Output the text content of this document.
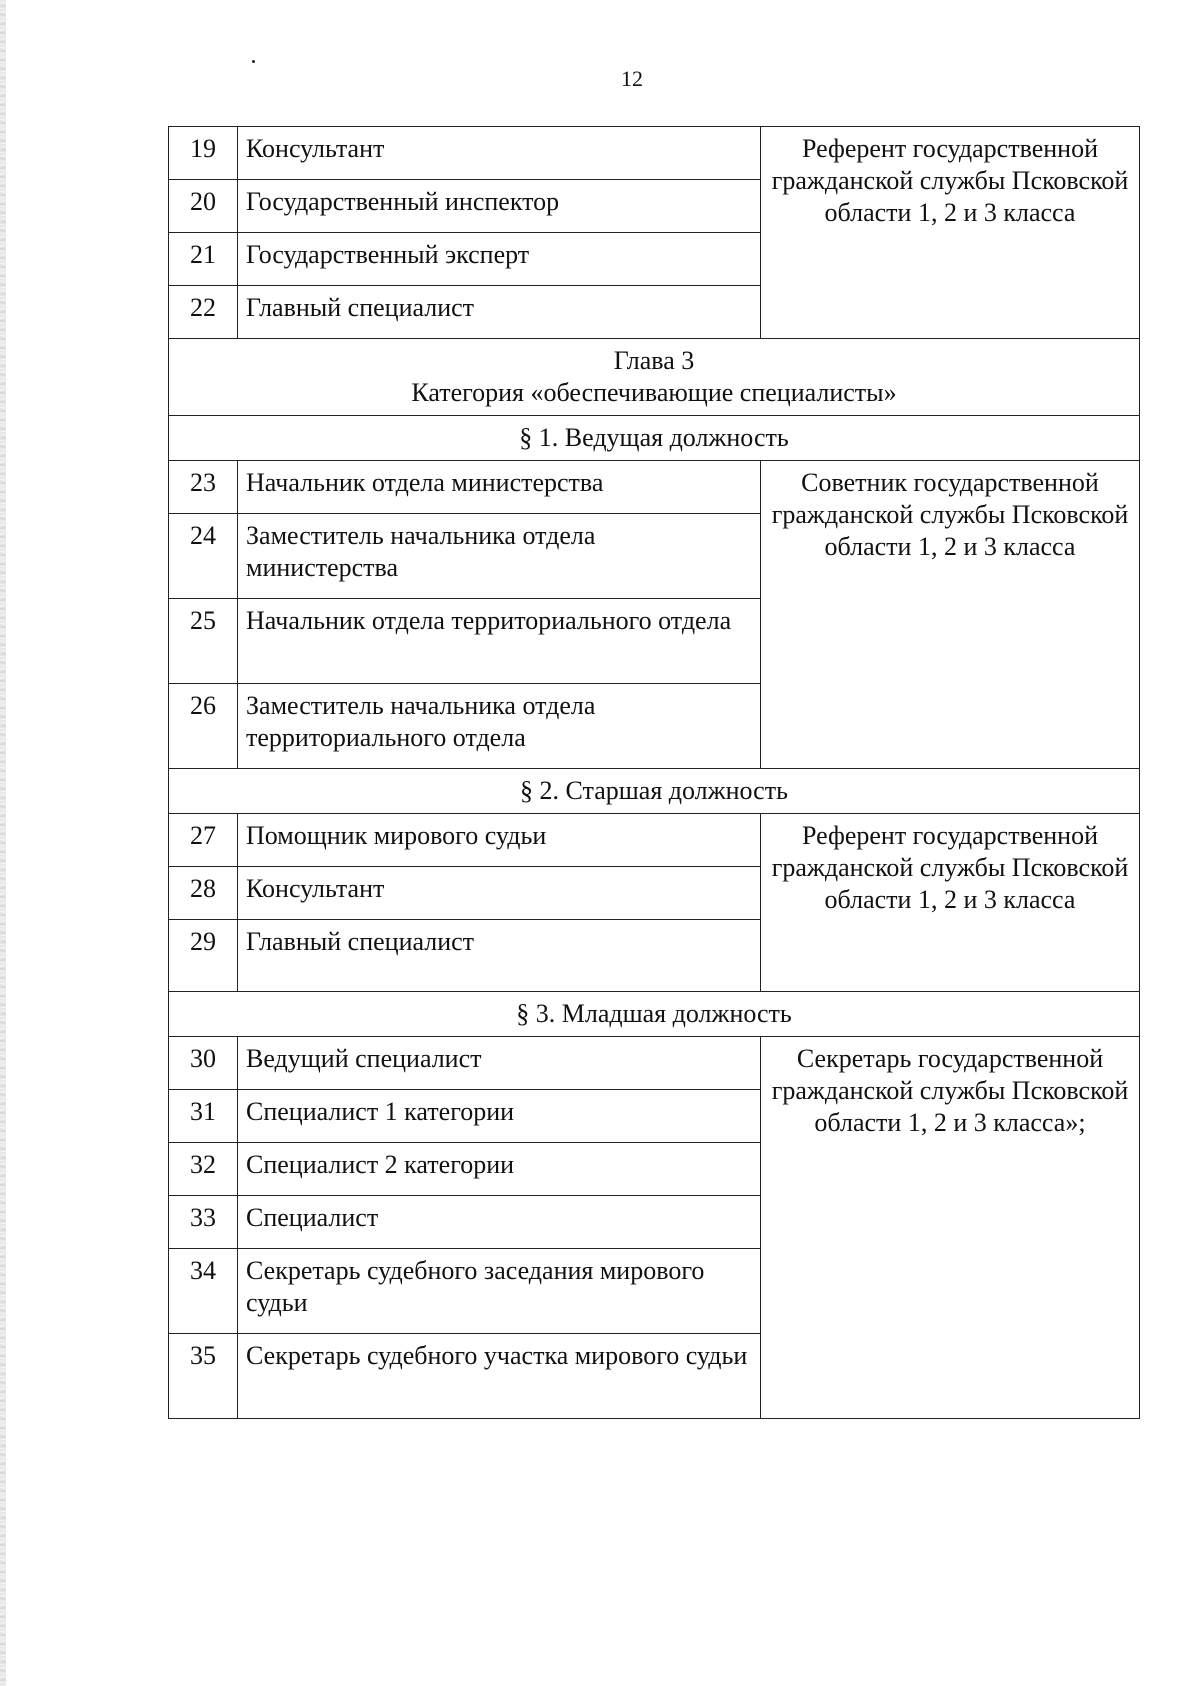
12
19	Консультант	Референт государственной гражданской службы Псковской области 1, 2 и 3 класса
20	Государственный инспектор	
21	Государственный эксперт	
22	Главный специалист	

Глава 3
Категория «обеспечивающие специалисты»		

§ 1. Ведущая должность		
23	Начальник отдела министерства	Советник государственной гражданской службы Псковской области 1, 2 и 3 класса
24	Заместитель начальника отдела министерства	
25	Начальник отдела территориального отдела	
26	Заместитель начальника отдела территориального отдела	
§ 2. Старшая должность		
27	Помощник мирового судьи	Референт государственной гражданской службы Псковской области 1, 2 и 3 класса
28	Консультант	
29	Главный специалист	
§ 3. Младшая должность		
30	Ведущий специалист	Секретарь государственной гражданской службы Псковской области 1, 2 и 3 класса»;
31	Специалист 1 категории	
32	Специалист 2 категории	
33	Специалист	
34	Секретарь судебного заседания мирового судьи	
35	Секретарь судебного участка мирового судьи	
